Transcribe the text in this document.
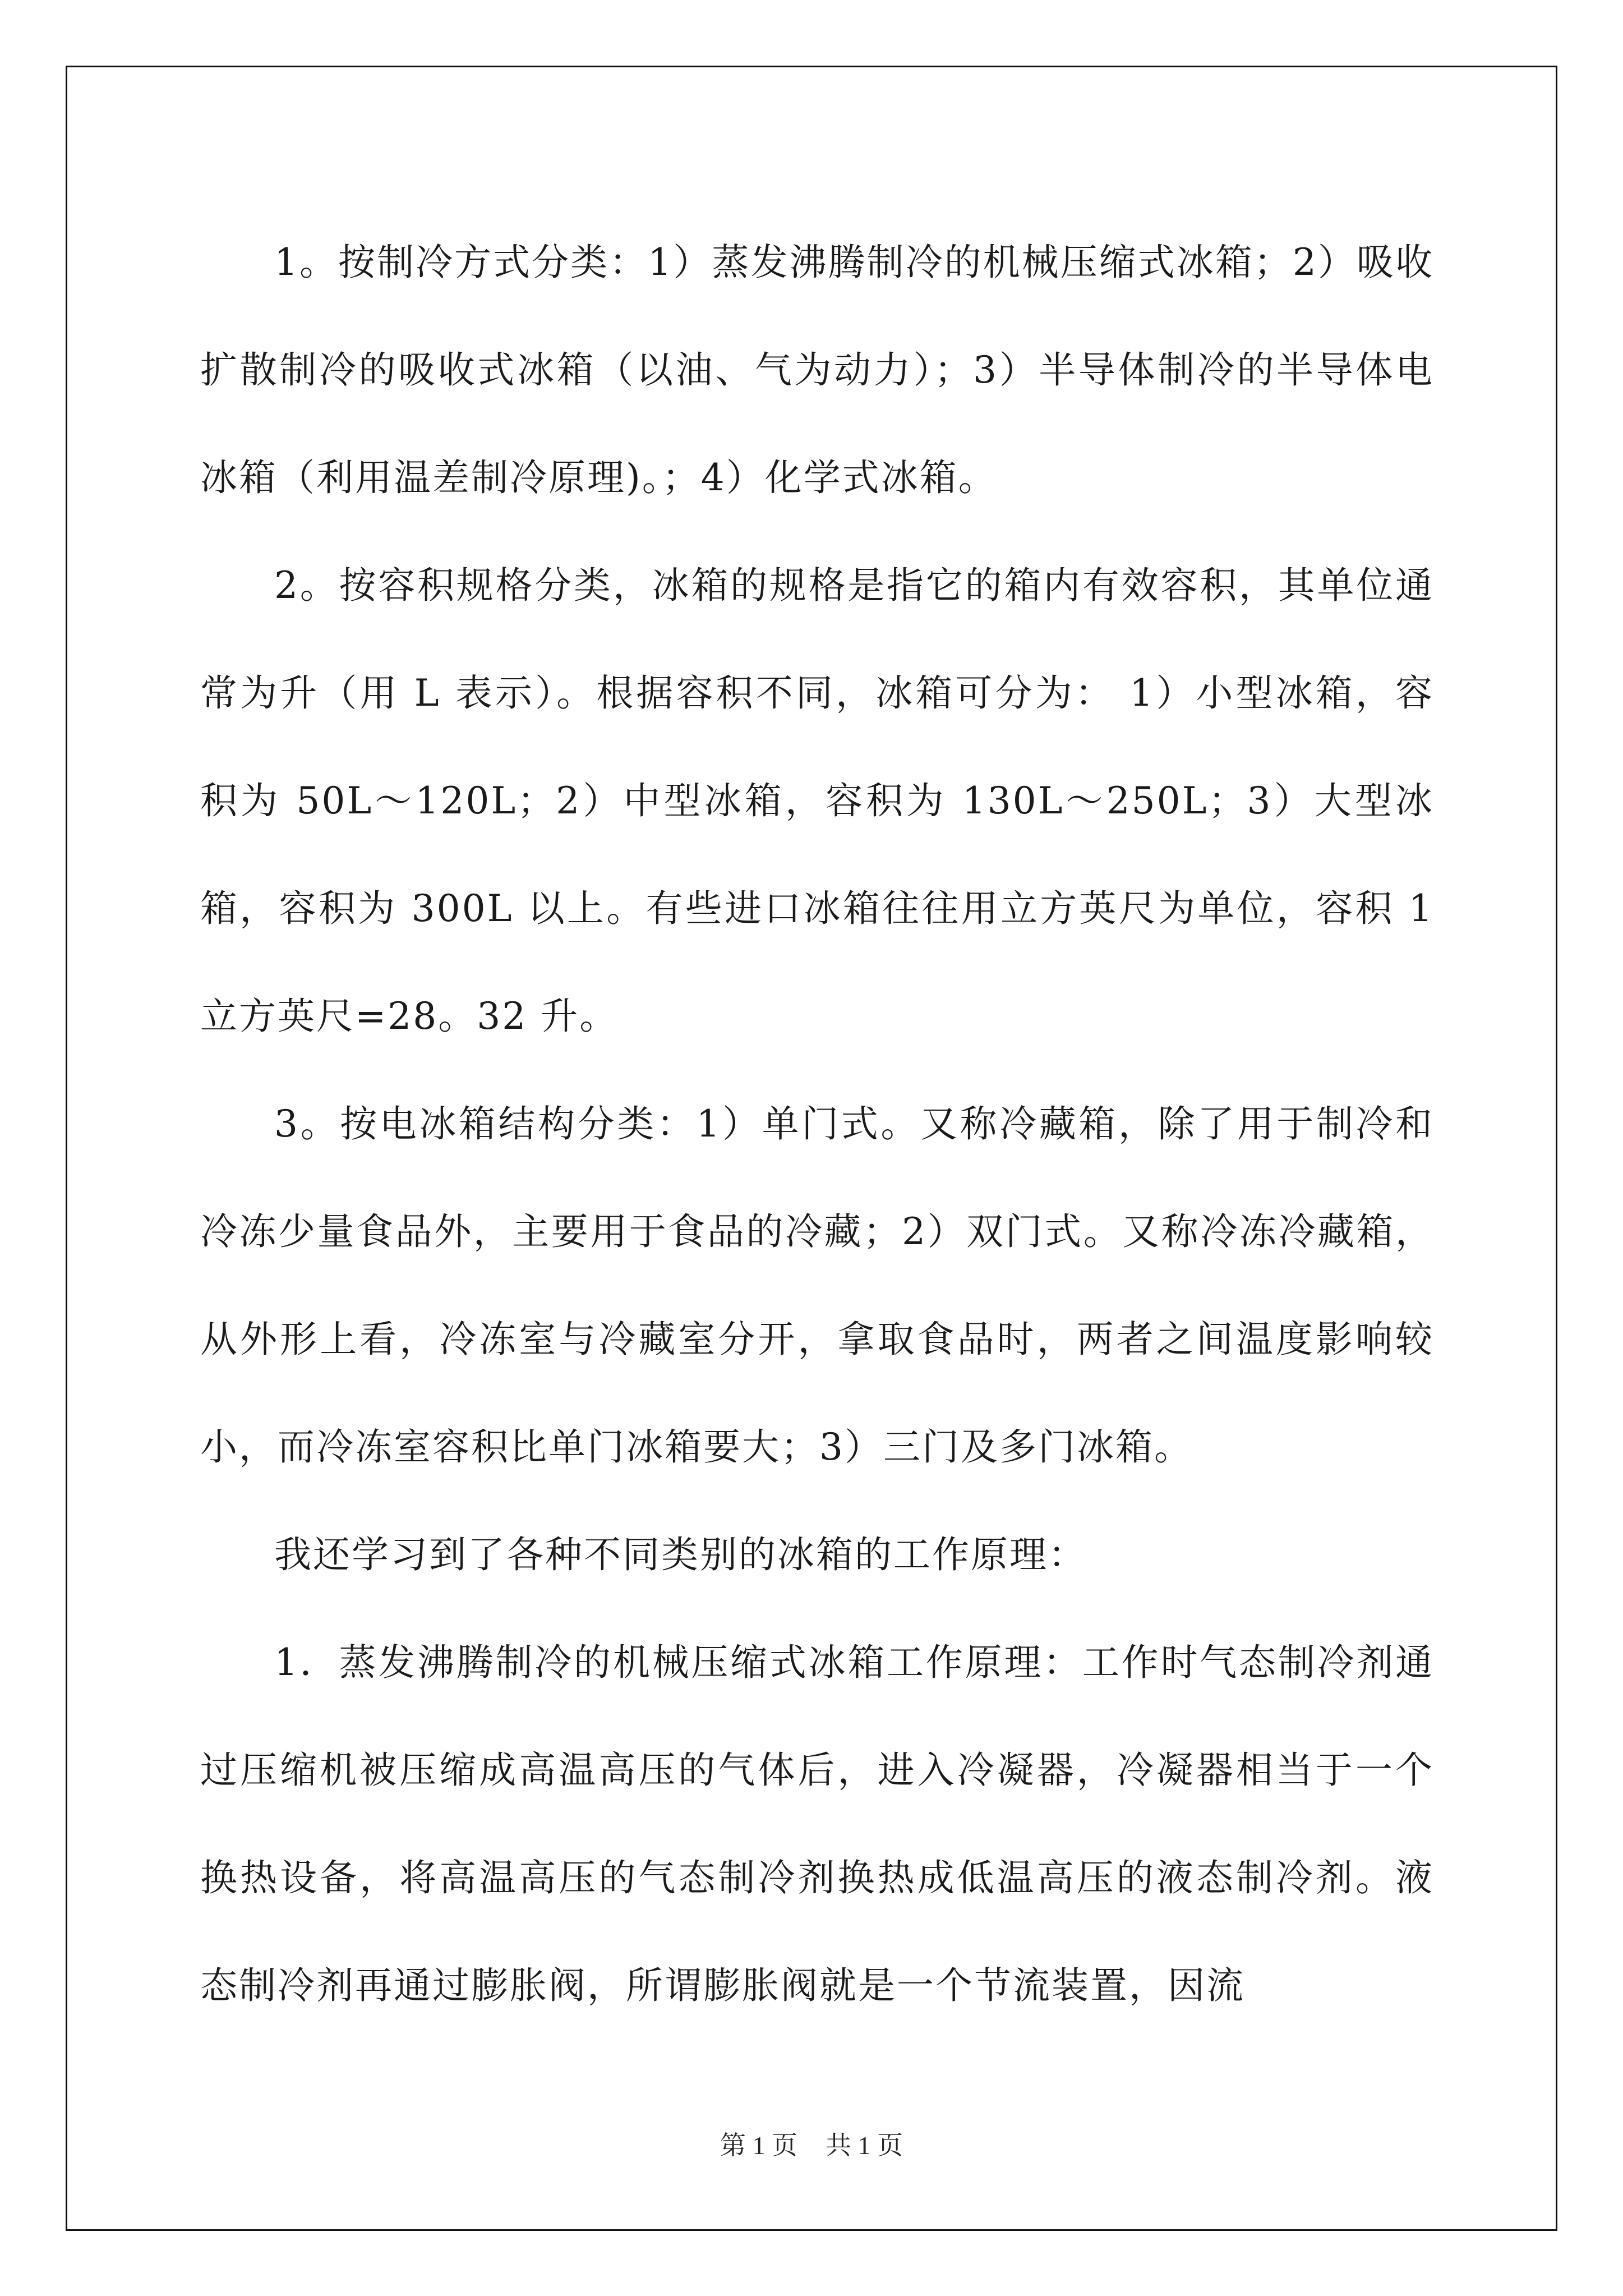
1。按制冷方式分类：1）蒸发沸腾制冷的机械压缩式冰箱；2）吸收扩散制冷的吸收式冰箱（以油、气为动力）；3）半导体制冷的半导体电冰箱（利用温差制冷原理)。；4）化学式冰箱。

2。按容积规格分类，冰箱的规格是指它的箱内有效容积，其单位通常为升（用 L 表示）。根据容积不同，冰箱可分为： 1）小型冰箱，容积为 50L～120L；2）中型冰箱，容积为 130L～250L；3）大型冰箱，容积为 300L 以上。有些进口冰箱往往用立方英尺为单位，容积 1 立方英尺=28。32 升。

3。按电冰箱结构分类：1）单门式。又称冷藏箱，除了用于制冷和冷冻少量食品外，主要用于食品的冷藏；2）双门式。又称冷冻冷藏箱，从外形上看，冷冻室与冷藏室分开，拿取食品时，两者之间温度影响较小，而冷冻室容积比单门冰箱要大；3）三门及多门冰箱。

我还学习到了各种不同类别的冰箱的工作原理：

1．蒸发沸腾制冷的机械压缩式冰箱工作原理：工作时气态制冷剂通过压缩机被压缩成高温高压的气体后，进入冷凝器，冷凝器相当于一个换热设备，将高温高压的气态制冷剂换热成低温高压的液态制冷剂。液态制冷剂再通过膨胀阀，所谓膨胀阀就是一个节流装置，因流

第 1 页 共 1 页
